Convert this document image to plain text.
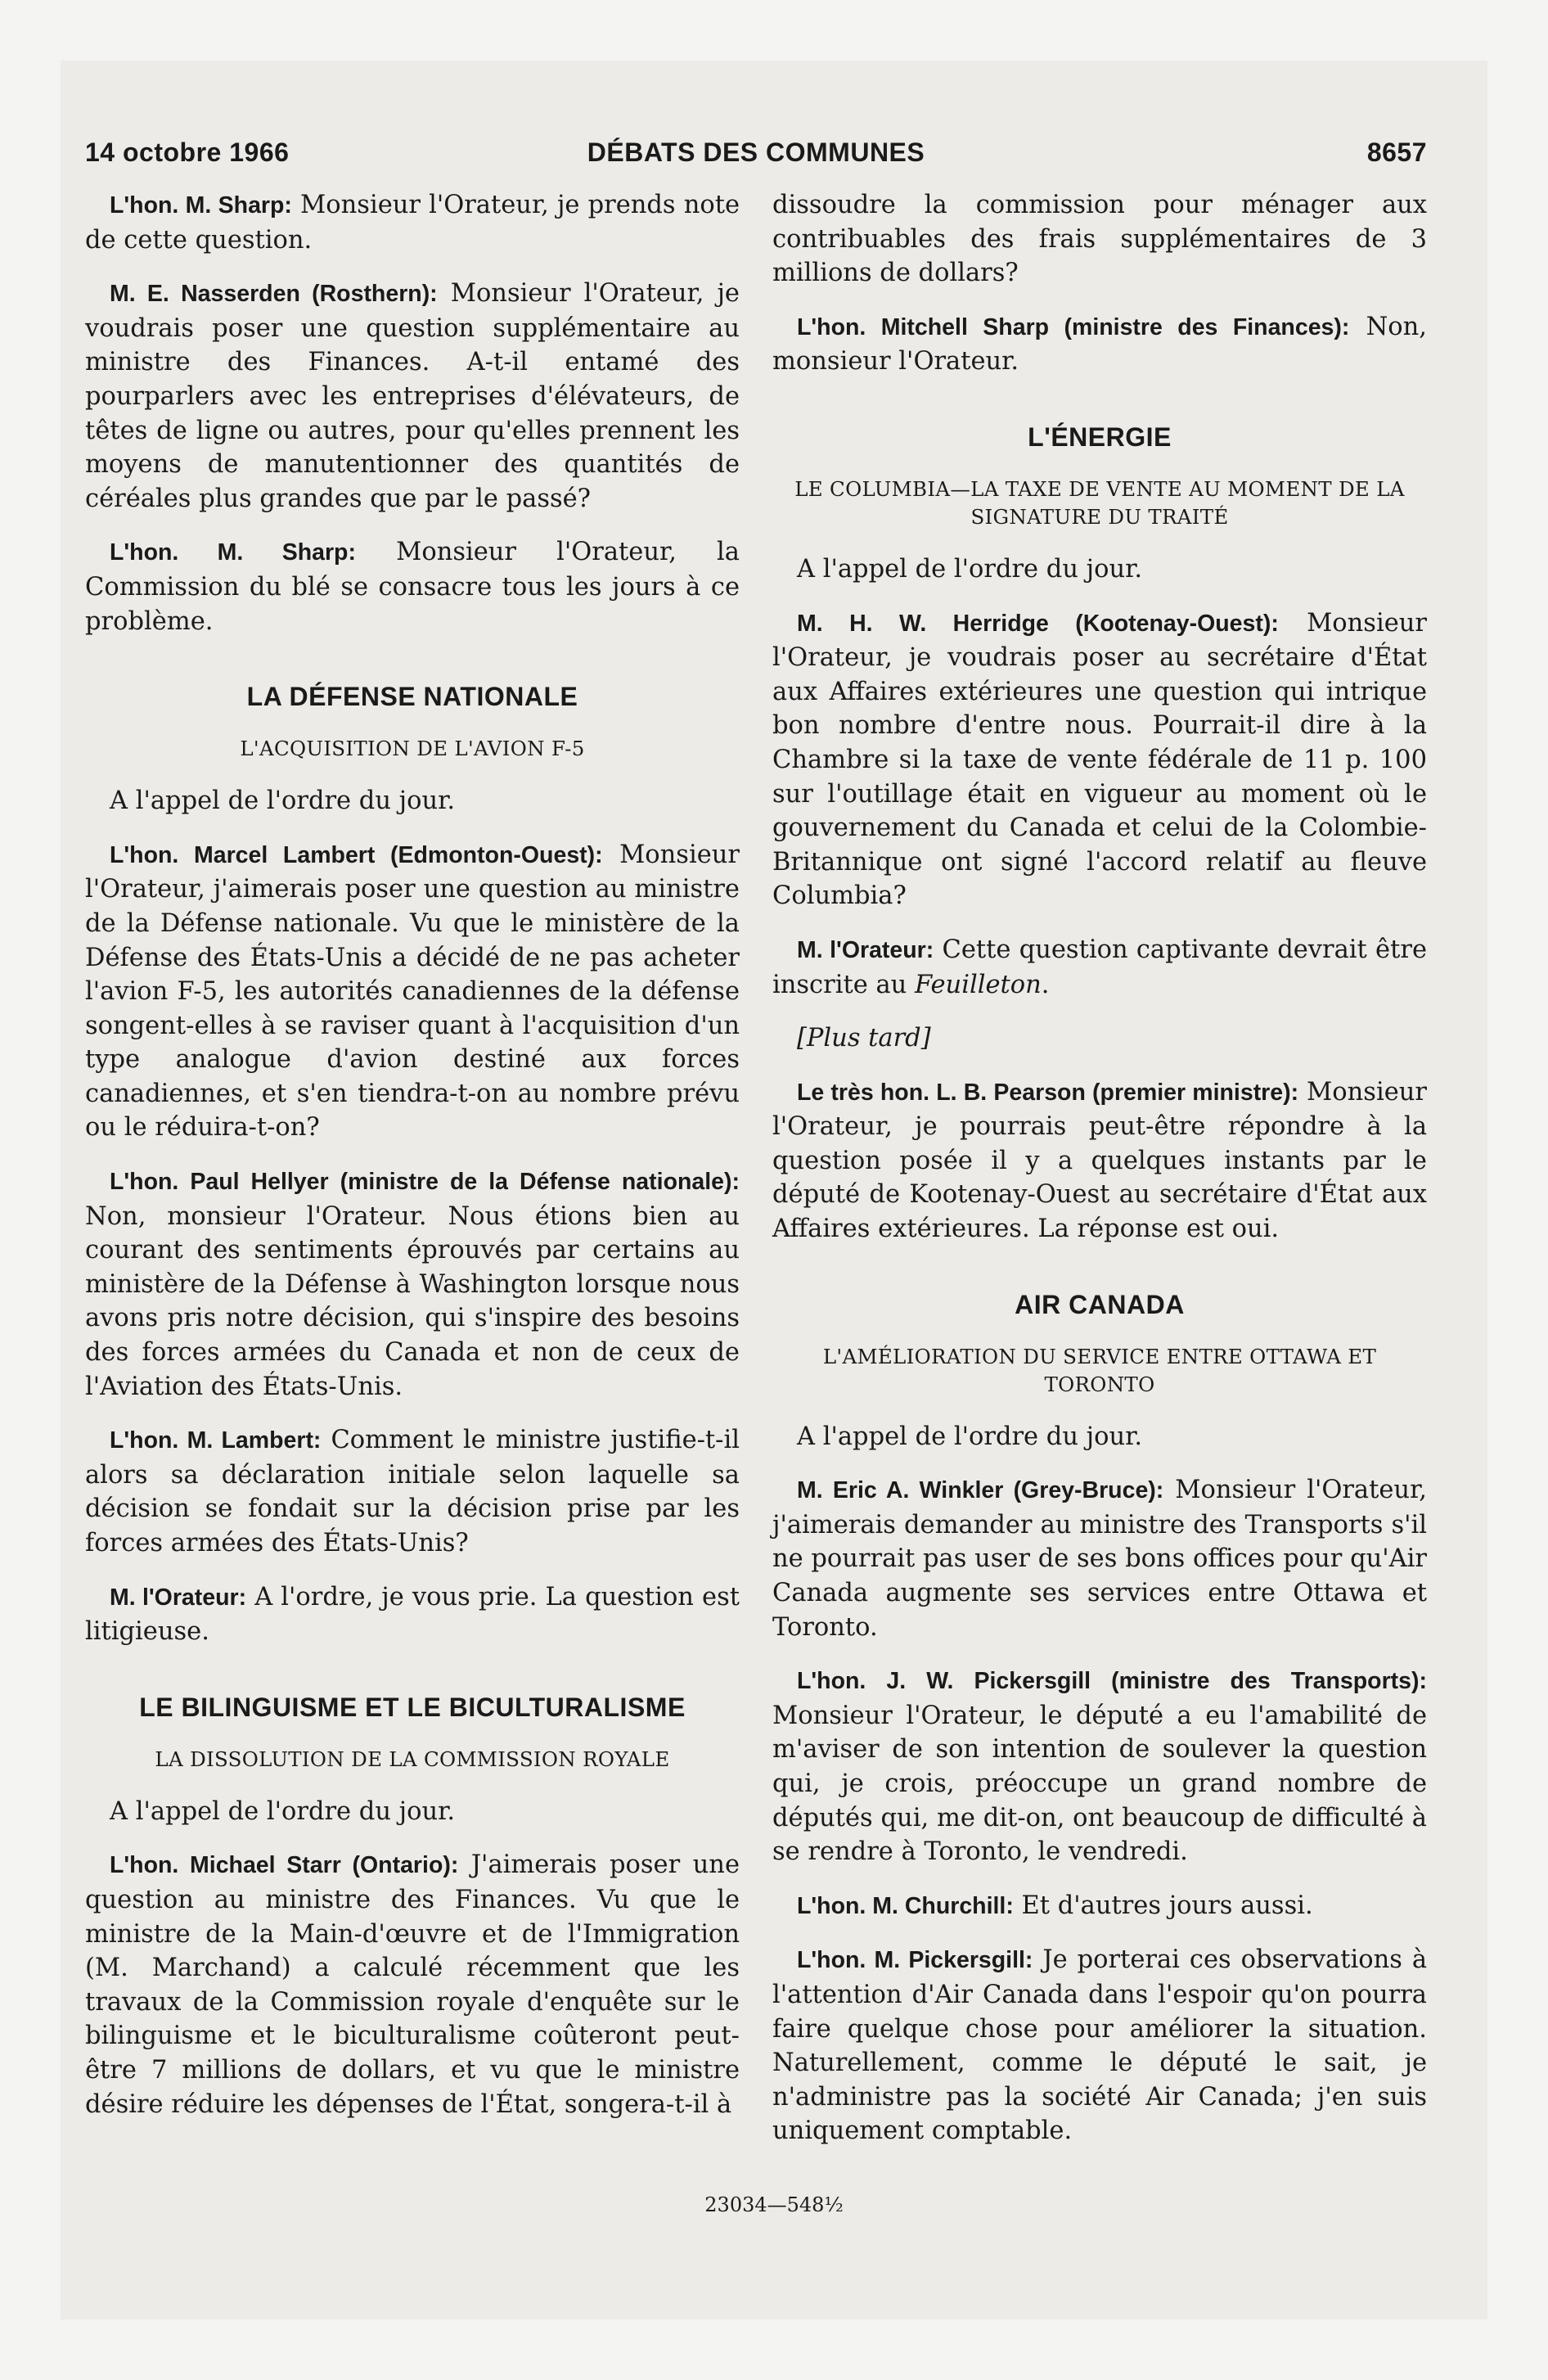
14 octobre 1966	DÉBATS DES COMMUNES	8657

L'hon. M. Sharp: Monsieur l'Orateur, je prends note de cette question.

M. E. Nasserden (Rosthern): Monsieur l'Orateur, je voudrais poser une question supplémentaire au ministre des Finances. A-t-il entamé des pourparlers avec les entreprises d'élévateurs, de têtes de ligne ou autres, pour qu'elles prennent les moyens de manutentionner des quantités de céréales plus grandes que par le passé?

L'hon. M. Sharp: Monsieur l'Orateur, la Commission du blé se consacre tous les jours à ce problème.

LA DÉFENSE NATIONALE
L'ACQUISITION DE L'AVION F-5

A l'appel de l'ordre du jour.

L'hon. Marcel Lambert (Edmonton-Ouest): Monsieur l'Orateur, j'aimerais poser une question au ministre de la Défense nationale. Vu que le ministère de la Défense des États-Unis a décidé de ne pas acheter l'avion F-5, les autorités canadiennes de la défense songent-elles à se raviser quant à l'acquisition d'un type analogue d'avion destiné aux forces canadiennes, et s'en tiendra-t-on au nombre prévu ou le réduira-t-on?

L'hon. Paul Hellyer (ministre de la Défense nationale): Non, monsieur l'Orateur. Nous étions bien au courant des sentiments éprouvés par certains au ministère de la Défense à Washington lorsque nous avons pris notre décision, qui s'inspire des besoins des forces armées du Canada et non de ceux de l'Aviation des États-Unis.

L'hon. M. Lambert: Comment le ministre justifie-t-il alors sa déclaration initiale selon laquelle sa décision se fondait sur la décision prise par les forces armées des États-Unis?

M. l'Orateur: A l'ordre, je vous prie. La question est litigieuse.

LE BILINGUISME ET LE BICULTURALISME
LA DISSOLUTION DE LA COMMISSION ROYALE

A l'appel de l'ordre du jour.

L'hon. Michael Starr (Ontario): J'aimerais poser une question au ministre des Finances. Vu que le ministre de la Main-d'œuvre et de l'Immigration (M. Marchand) a calculé récemment que les travaux de la Commission royale d'enquête sur le bilinguisme et le biculturalisme coûteront peut-être 7 millions de dollars, et vu que le ministre désire réduire les dépenses de l'État, songera-t-il à

dissoudre la commission pour ménager aux contribuables des frais supplémentaires de 3 millions de dollars?

L'hon. Mitchell Sharp (ministre des Finances): Non, monsieur l'Orateur.

L'ÉNERGIE
LE COLUMBIA—LA TAXE DE VENTE AU MOMENT DE LA SIGNATURE DU TRAITÉ

A l'appel de l'ordre du jour.

M. H. W. Herridge (Kootenay-Ouest): Monsieur l'Orateur, je voudrais poser au secrétaire d'État aux Affaires extérieures une question qui intrique bon nombre d'entre nous. Pourrait-il dire à la Chambre si la taxe de vente fédérale de 11 p. 100 sur l'outillage était en vigueur au moment où le gouvernement du Canada et celui de la Colombie-Britannique ont signé l'accord relatif au fleuve Columbia?

M. l'Orateur: Cette question captivante devrait être inscrite au Feuilleton.

[Plus tard]

Le très hon. L. B. Pearson (premier ministre): Monsieur l'Orateur, je pourrais peut-être répondre à la question posée il y a quelques instants par le député de Kootenay-Ouest au secrétaire d'État aux Affaires extérieures. La réponse est oui.

AIR CANADA
L'AMÉLIORATION DU SERVICE ENTRE OTTAWA ET TORONTO

A l'appel de l'ordre du jour.

M. Eric A. Winkler (Grey-Bruce): Monsieur l'Orateur, j'aimerais demander au ministre des Transports s'il ne pourrait pas user de ses bons offices pour qu'Air Canada augmente ses services entre Ottawa et Toronto.

L'hon. J. W. Pickersgill (ministre des Transports): Monsieur l'Orateur, le député a eu l'amabilité de m'aviser de son intention de soulever la question qui, je crois, préoccupe un grand nombre de députés qui, me dit-on, ont beaucoup de difficulté à se rendre à Toronto, le vendredi.

L'hon. M. Churchill: Et d'autres jours aussi.

L'hon. M. Pickersgill: Je porterai ces observations à l'attention d'Air Canada dans l'espoir qu'on pourra faire quelque chose pour améliorer la situation. Naturellement, comme le député le sait, je n'administre pas la société Air Canada; j'en suis uniquement comptable.

23034—548½
